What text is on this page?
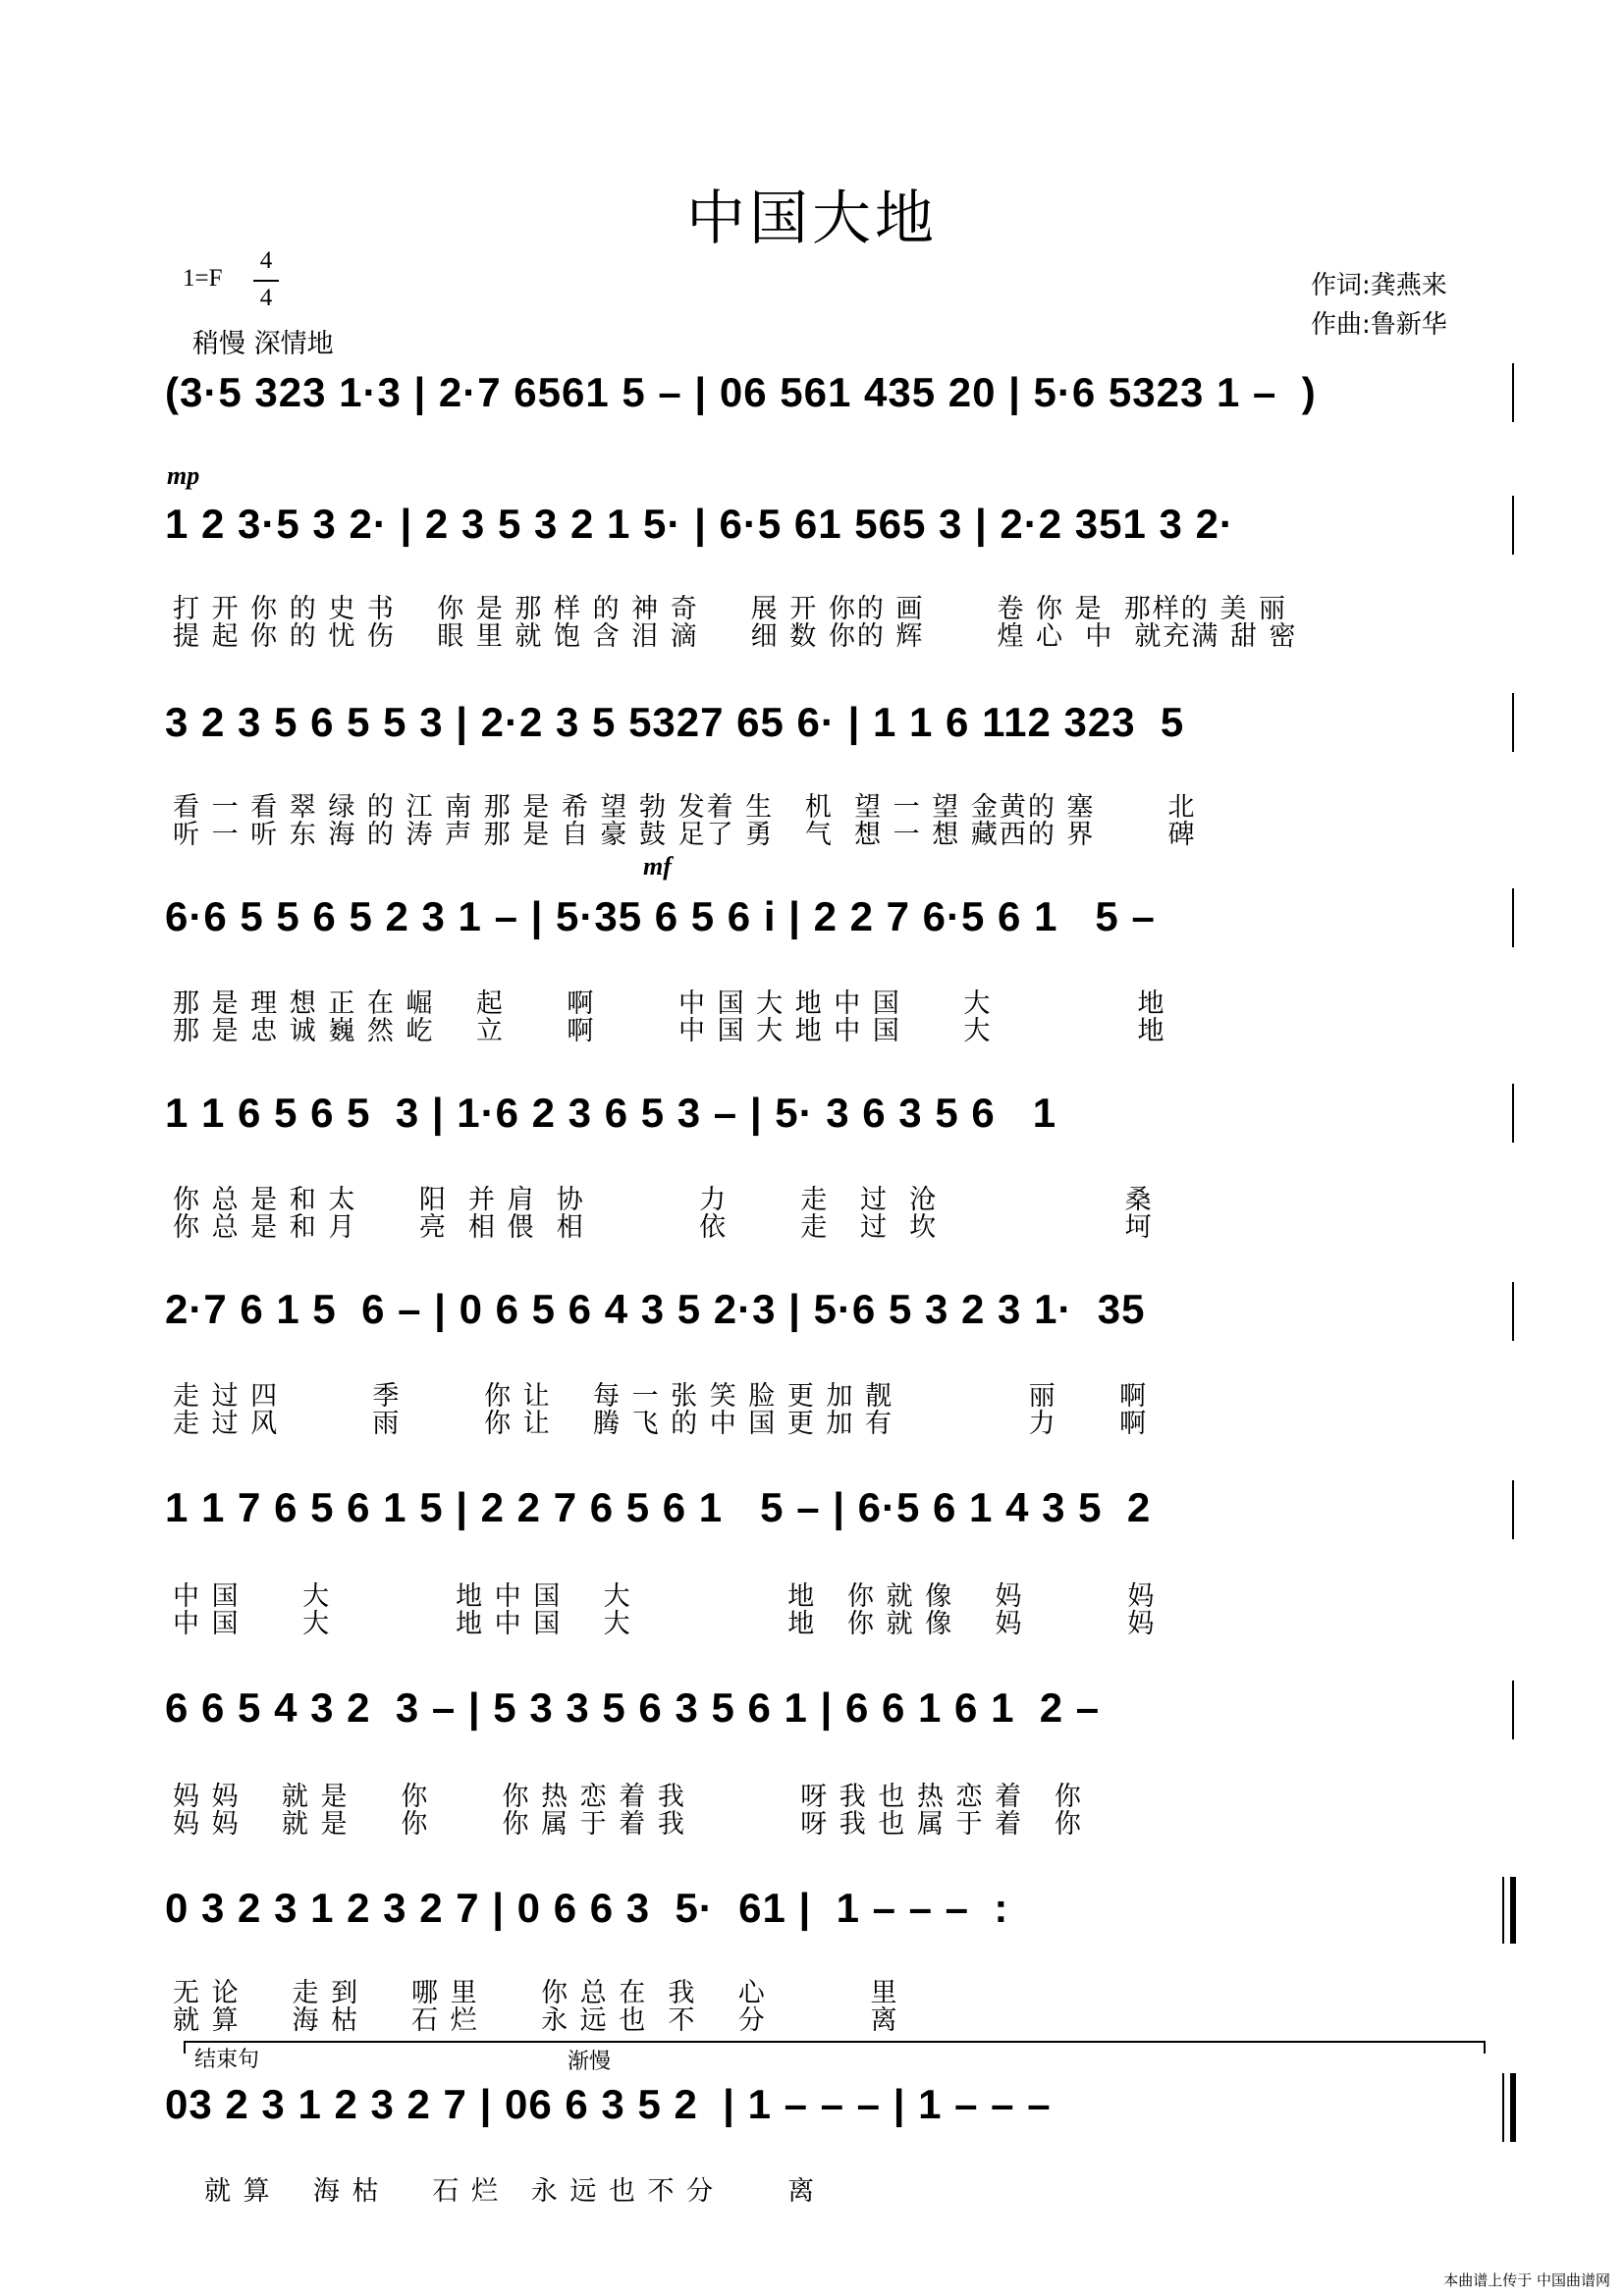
中国大地
1=F
4
4
稍慢 深情地
作词:龚燕来
作曲:鲁新华
mp
mf
(3·5 323 1·3 | 2·7 6561 5 – | 06 561 435 20 | 5·6 5323 1 –  )
1 2 3·5 3 2· | 2 3 5 3 2 1 5· | 6·5 61 565 3 | 2·2 351 3 2·
打 开 你 的 史 书    你 是 那 样 的 神 奇     展 开 你的 画       卷 你 是  那样的 美 丽
提 起 你 的 忧 伤    眼 里 就 饱 含 泪 滴     细 数 你的 辉       煌 心  中  就充满 甜 密
3 2 3 5 6 5 5 3 | 2·2 3 5 5327 65 6· | 1 1 6 112 323  5
看 一 看 翠 绿 的 江 南 那 是 希 望 勃 发着 生   机  望 一 望 金黄的 塞       北
听 一 听 东 海 的 涛 声 那 是 自 豪 鼓 足了 勇   气  想 一 想 藏西的 界       碑
6·6 5 5 6 5 2 3 1 – | 5·35 6 5 6 i | 2 2 7 6·5 6 1   5 –
那 是 理 想 正 在 崛    起      啊        中 国 大 地 中 国      大              地
那 是 忠 诚 巍 然 屹    立      啊        中 国 大 地 中 国      大              地
1 1 6 5 6 5  3 | 1·6 2 3 6 5 3 – | 5· 3 6 3 5 6   1
你 总 是 和 太      阳  并 肩  协           力       走   过  沧                  桑
你 总 是 和 月      亮  相 偎  相           依       走   过  坎                  坷
2·7 6 1 5  6 – | 0 6 5 6 4 3 5 2·3 | 5·6 5 3 2 3 1·  35
走 过 四         季        你 让    每 一 张 笑 脸 更 加 靓             丽      啊
走 过 风         雨        你 让    腾 飞 的 中 国 更 加 有             力      啊
1 1 7 6 5 6 1 5 | 2 2 7 6 5 6 1   5 – | 6·5 6 1 4 3 5  2
中 国      大            地 中 国    大               地   你 就 像    妈          妈
中 国      大            地 中 国    大               地   你 就 像    妈          妈
6 6 5 4 3 2  3 – | 5 3 3 5 6 3 5 6 1 | 6 6 1 6 1  2 –
妈 妈    就 是     你       你 热 恋 着 我           呀 我 也 热 恋 着   你
妈 妈    就 是     你       你 属 于 着 我           呀 我 也 属 于 着   你
0 3 2 3 1 2 3 2 7 | 0 6 6 3  5·  61 |  1 – – –  :
无 论     走 到     哪 里      你 总 在  我    心          里
就 算     海 枯     石 烂      永 远 也  不    分          离
结束句	渐慢
03 2 3 1 2 3 2 7 | 06 6 3 5 2  | 1 – – – | 1 – – –
就 算    海 枯     石 烂   永 远 也 不 分       离
本曲谱上传于 中国曲谱网
